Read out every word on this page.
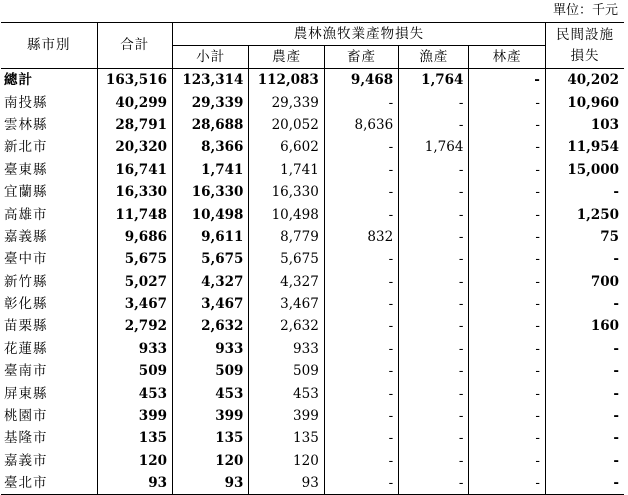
單位：千元
縣市別	合計	農林漁牧業產物損失					民間設施損失
		小計	農產	畜產	漁產	林產	
總計	163,516	123,314	112,083	9,468	1,764	-	40,202
南投縣	40,299	29,339	29,339	-	-	-	10,960
雲林縣	28,791	28,688	20,052	8,636	-	-	103
新北市	20,320	8,366	6,602	-	1,764	-	11,954
臺東縣	16,741	1,741	1,741	-	-	-	15,000
宜蘭縣	16,330	16,330	16,330	-	-	-	-
高雄市	11,748	10,498	10,498	-	-	-	1,250
嘉義縣	9,686	9,611	8,779	832	-	-	75
臺中市	5,675	5,675	5,675	-	-	-	-
新竹縣	5,027	4,327	4,327	-	-	-	700
彰化縣	3,467	3,467	3,467	-	-	-	-
苗栗縣	2,792	2,632	2,632	-	-	-	160
花蓮縣	933	933	933	-	-	-	-
臺南市	509	509	509	-	-	-	-
屏東縣	453	453	453	-	-	-	-
桃園市	399	399	399	-	-	-	-
基隆市	135	135	135	-	-	-	-
嘉義市	120	120	120	-	-	-	-
臺北市	93	93	93	-	-	-	-
